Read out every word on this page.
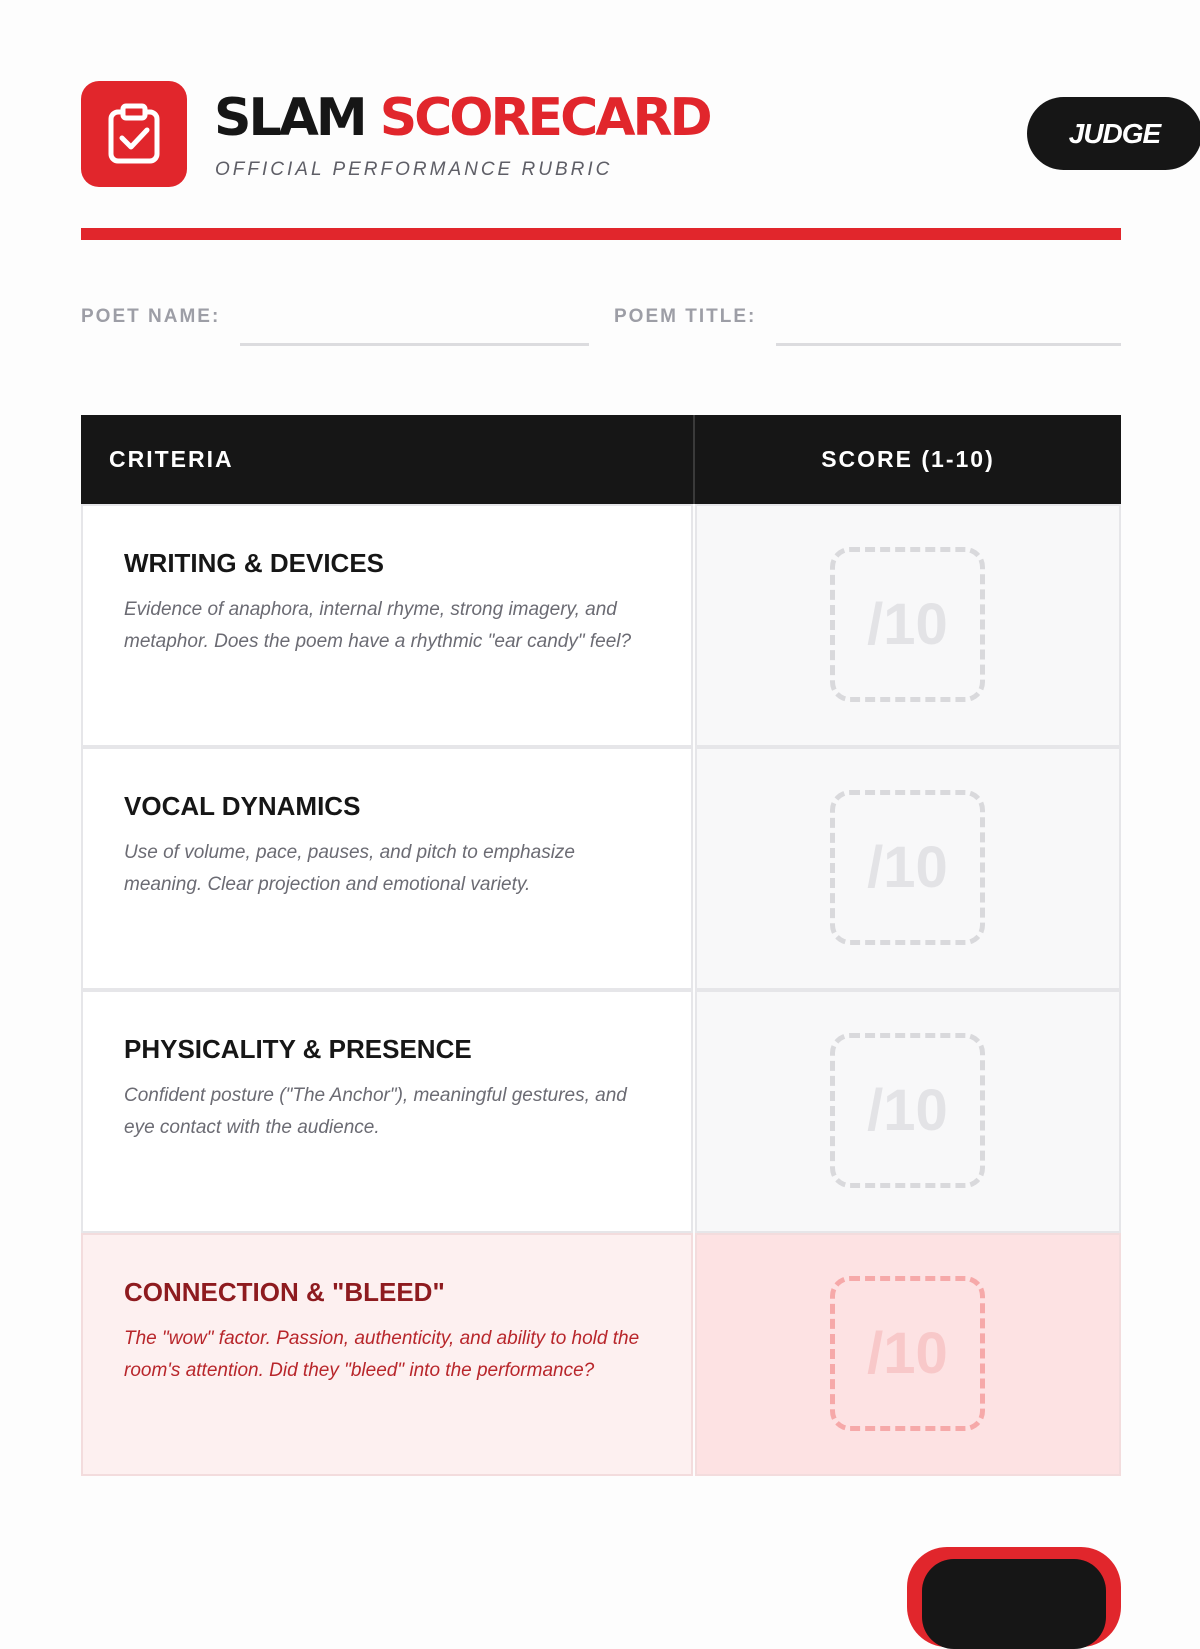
SLAM SCORECARD
OFFICIAL PERFORMANCE RUBRIC
JUDGE
POET NAME:	POEM TITLE:
CRITERIA	SCORE (1-10)
WRITING & DEVICES
Evidence of anaphora, internal rhyme, strong imagery, and metaphor. Does the poem have a rhythmic "ear candy" feel?	/10
VOCAL DYNAMICS
Use of volume, pace, pauses, and pitch to emphasize meaning. Clear projection and emotional variety.	/10
PHYSICALITY & PRESENCE
Confident posture ("The Anchor"), meaningful gestures, and eye contact with the audience.	/10
CONNECTION & "BLEED"
The "wow" factor. Passion, authenticity, and ability to hold the room's attention. Did they "bleed" into the performance?	/10
